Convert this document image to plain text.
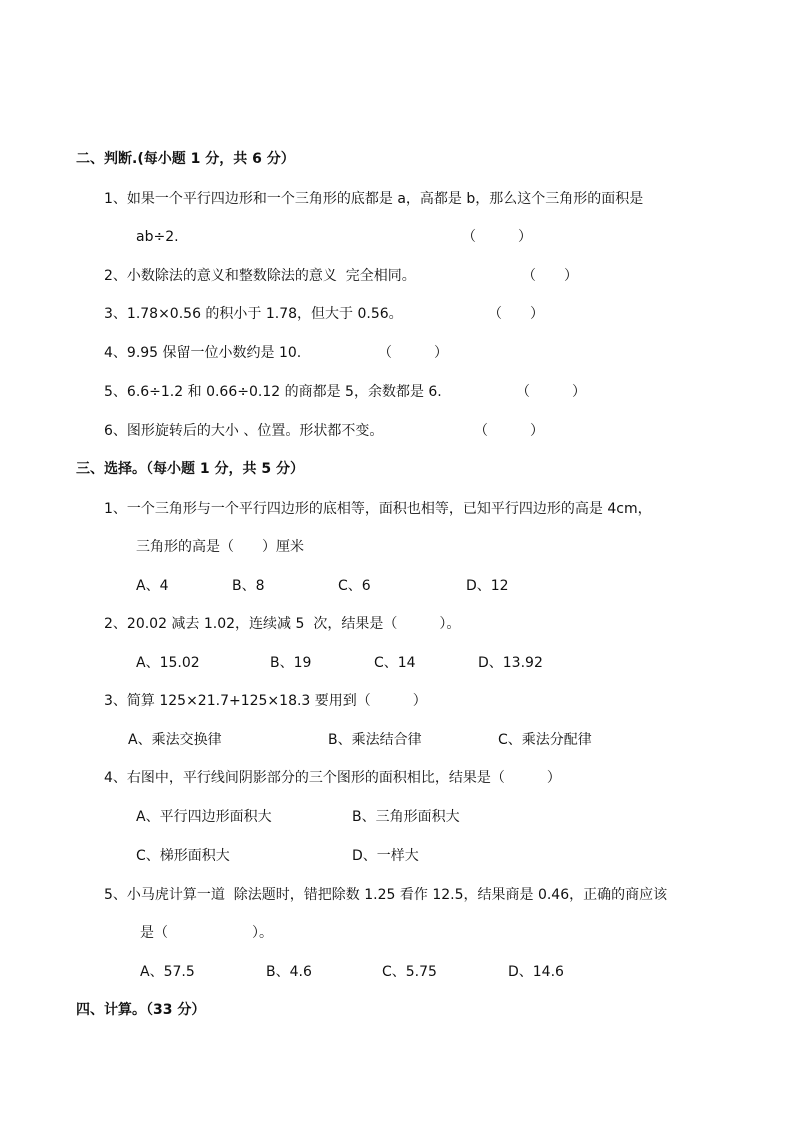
二、判断.(每小题 1 分，共 6 分）
1、如果一个平行四边形和一个三角形的底都是 a，高都是 b，那么这个三角形的面积是
ab÷2.	（　　　）
2、小数除法的意义和整数除法的意义  完全相同。	（　　）
3、1.78×0.56 的积小于 1.78，但大于 0.56。	（　　）
4、9.95 保留一位小数约是 10.	（　　　）
5、6.6÷1.2 和 0.66÷0.12 的商都是 5，余数都是 6.	（　　　）
6、图形旋转后的大小 、位置。形状都不变。	（　　　）
三、选择。（每小题 1 分，共 5 分）
1、一个三角形与一个平行四边形的底相等，面积也相等，已知平行四边形的高是 4cm，
三角形的高是（　　）厘米
A、4	B、8	C、6	D、12
2、20.02 减去 1.02，连续减 5  次，结果是（　　　）。
A、15.02	B、19	C、14	D、13.92
3、简算 125×21.7+125×18.3 要用到（　　　）
A、乘法交换律	B、乘法结合律	C、乘法分配律
4、右图中，平行线间阴影部分的三个图形的面积相比，结果是（　　　）
A、平行四边形面积大	B、三角形面积大
C、梯形面积大	D、一样大
5、小马虎计算一道  除法题时，错把除数 1.25 看作 12.5，结果商是 0.46，正确的商应该
是（　　　　　　）。
A、57.5	B、4.6	C、5.75	D、14.6
四、计算。（33 分）
